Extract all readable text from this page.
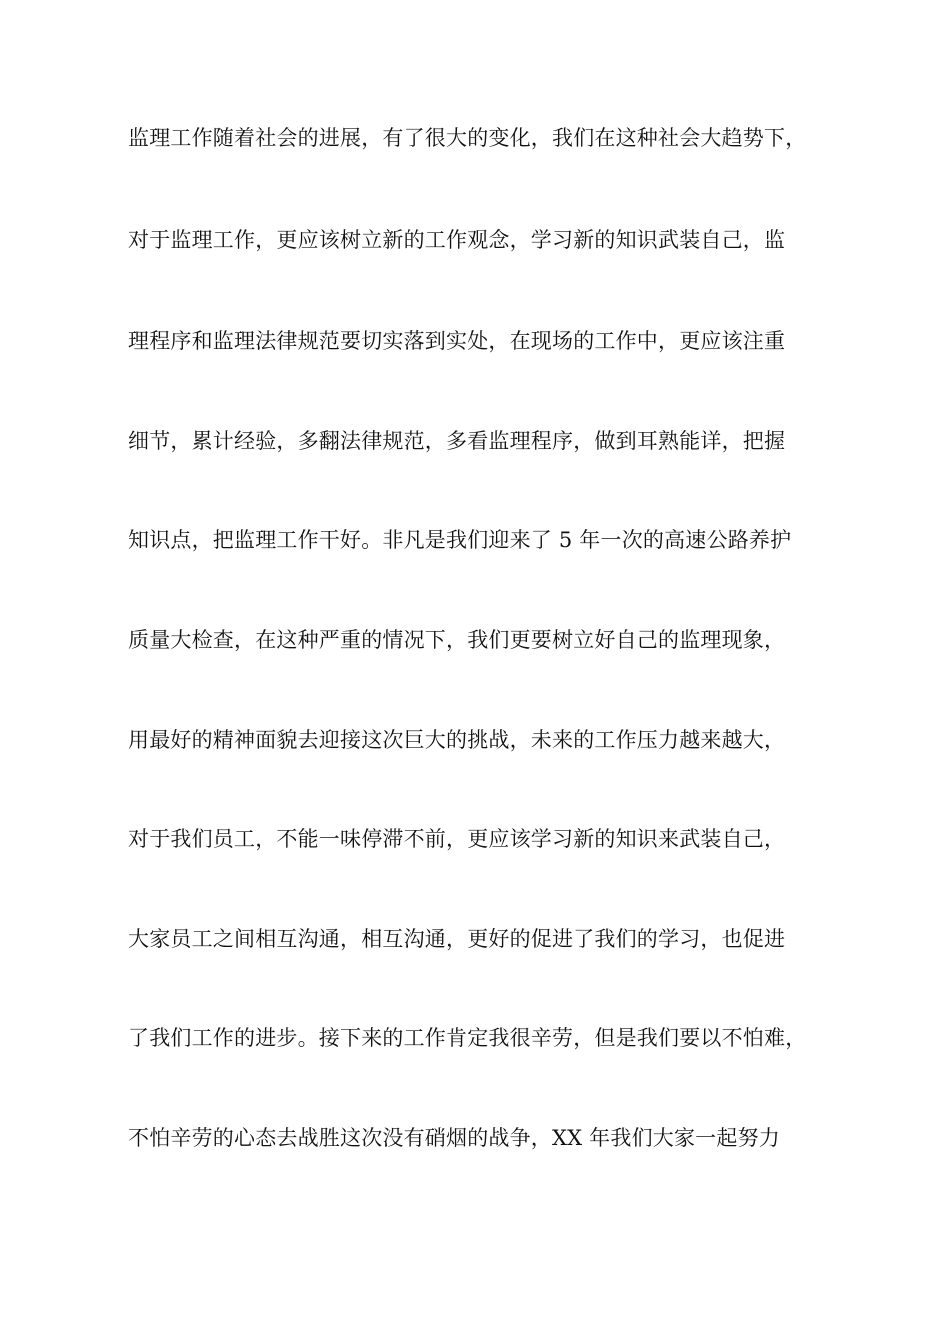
监理工作随着社会的进展，有了很大的变化，我们在这种社会大趋势下，
对于监理工作，更应该树立新的工作观念，学习新的知识武装自己，监
理程序和监理法律规范要切实落到实处，在现场的工作中，更应该注重
细节，累计经验，多翻法律规范，多看监理程序，做到耳熟能详，把握
知识点，把监理工作干好。非凡是我们迎来了 5 年一次的高速公路养护
质量大检查，在这种严重的情况下，我们更要树立好自己的监理现象，
用最好的精神面貌去迎接这次巨大的挑战，未来的工作压力越来越大，
对于我们员工，不能一味停滞不前，更应该学习新的知识来武装自己，
大家员工之间相互沟通，相互沟通，更好的促进了我们的学习，也促进
了我们工作的进步。接下来的工作肯定我很辛劳，但是我们要以不怕难，
不怕辛劳的心态去战胜这次没有硝烟的战争，XX 年我们大家一起努力
